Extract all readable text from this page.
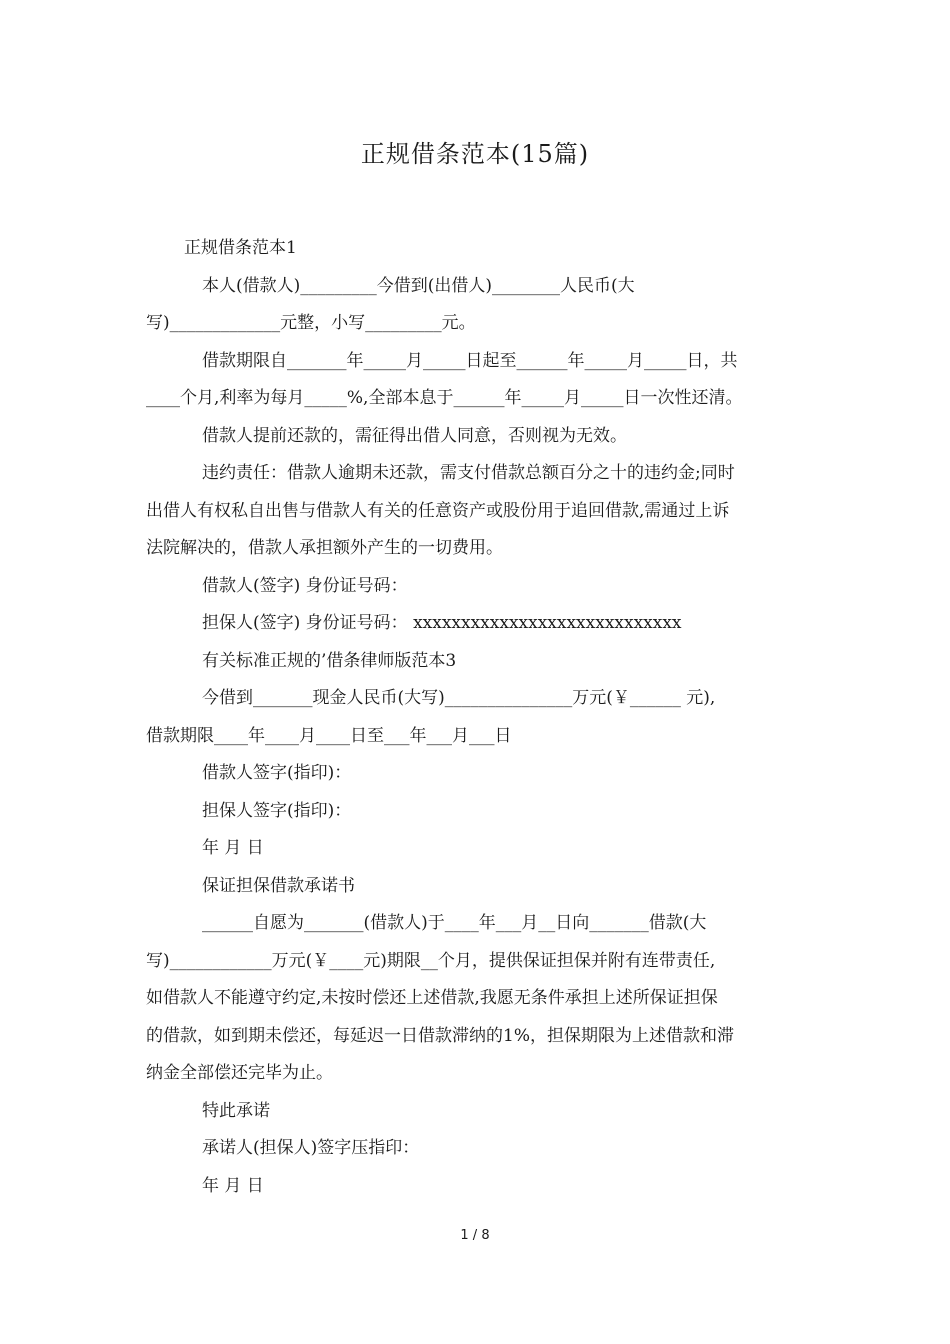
正规借条范本(15篇)
正规借条范本1
本人(借款人)_________今借到(出借人)________人民币(大
写)_____________元整，小写_________元。
借款期限自_______年_____月_____日起至______年_____月_____日，共
____个月,利率为每月_____%,全部本息于______年_____月_____日一次性还清。
借款人提前还款的，需征得出借人同意，否则视为无效。
违约责任：借款人逾期未还款，需支付借款总额百分之十的违约金;同时
出借人有权私自出售与借款人有关的任意资产或股份用于追回借款,需通过上诉
法院解决的，借款人承担额外产生的一切费用。
借款人(签字) 身份证号码：
担保人(签字) 身份证号码： xxxxxxxxxxxxxxxxxxxxxxxxxxxx
有关标准正规的’借条律师版范本3
今借到_______现金人民币(大写)_______________万元(￥______ 元),
借款期限____年____月____日至___年___月___日
借款人签字(指印)：
担保人签字(指印)：
年 月 日
保证担保借款承诺书
______自愿为_______(借款人)于____年___月__日向_______借款(大
写)____________万元(￥____元)期限__个月，提供保证担保并附有连带责任,
如借款人不能遵守约定,未按时偿还上述借款,我愿无条件承担上述所保证担保
的借款，如到期未偿还，每延迟一日借款滞纳的1%，担保期限为上述借款和滞
纳金全部偿还完毕为止。
特此承诺
承诺人(担保人)签字压指印：
年 月 日
1 / 8
